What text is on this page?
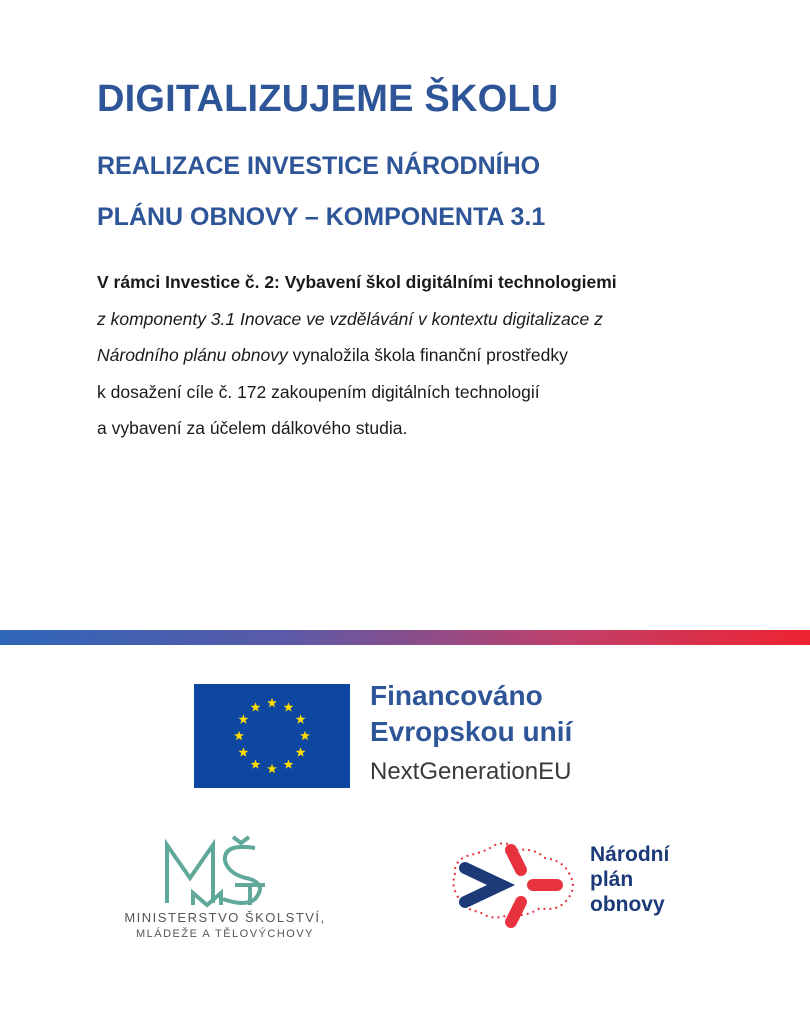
DIGITALIZUJEME ŠKOLU
REALIZACE INVESTICE NÁRODNÍHO
PLÁNU OBNOVY – KOMPONENTA 3.1
V rámci Investice č. 2: Vybavení škol digitálními technologiemi
z komponenty 3.1 Inovace ve vzdělávání v kontextu digitalizace z
Národního plánu obnovy vynaložila škola finanční prostředky
k dosažení cíle č. 172 zakoupením digitálních technologií
a vybavení za účelem dálkového studia.
Financováno
Evropskou unií
NextGenerationEU
MINISTERSTVO ŠKOLSTVÍ,
MLÁDEŽE A TĚLOVÝCHOVY
Národní
plán
obnovy
